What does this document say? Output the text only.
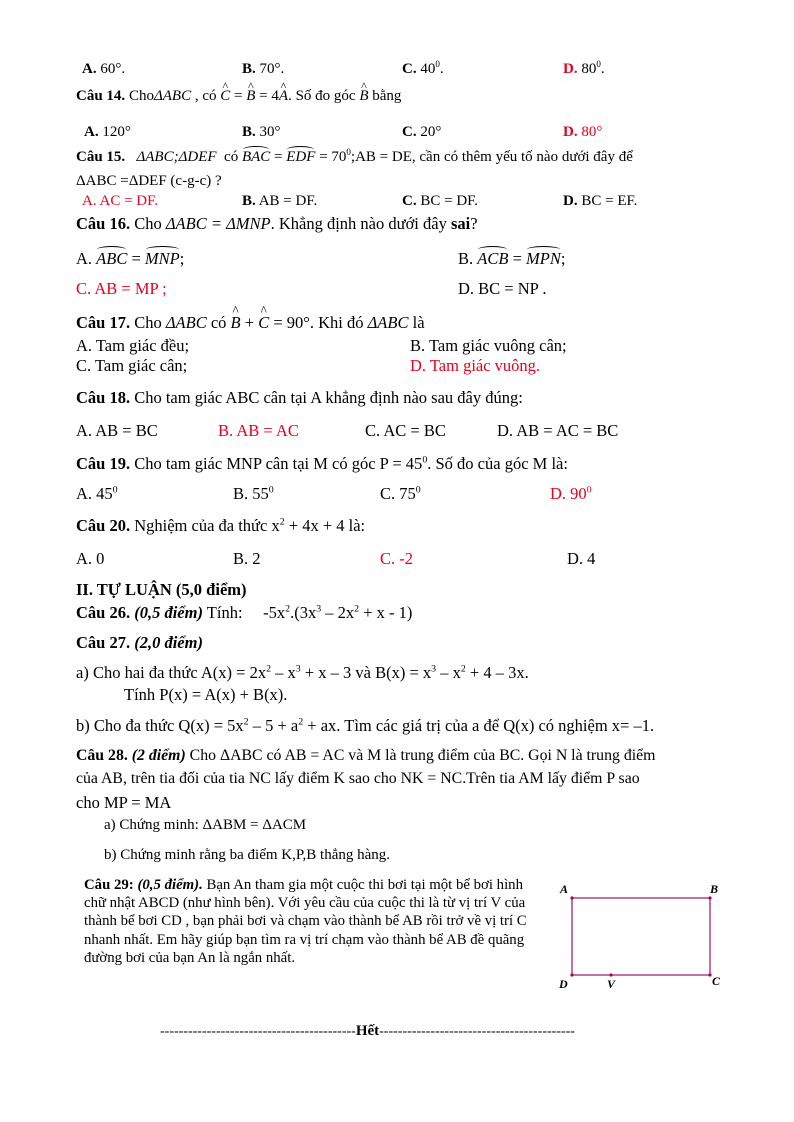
A. 60°.	B. 70°.	C. $40^0$.	D. $80^0$.
Câu 14. ChoΔABC , có ^ C = ^ B = 4^ A. Số đo góc ^ B bằng
A. 120°	B. 30°	C. 20°	D. 80°
Câu 15. ΔABC;ΔDEF có BAC = EDF = $70^0;AB$ = DE, cần có thêm yếu tố nào dưới đây để
ΔABC =ΔDEF (c-g-c) ?
A. AC = DF.	B. AB = DF.	C. BC = DF.	D. BC = EF.
Câu 16. Cho ΔABC = ΔMNP. Khẳng định nào dưới đây sai?
A. ABC = MNP;	B. ACB = MPN;
C. AB = MP ;	D. BC = NP .
Câu 17. Cho ΔABC có ^ B + ^ C = 90°. Khi đó ΔABC là
A. Tam giác đều;	B. Tam giác vuông cân;
C. Tam giác cân;	D. Tam giác vuông.
Câu 18. Cho tam giác ABC cân tại A khẳng định nào sau đây đúng:
A. AB = BC	B. AB = AC	C. AC = BC	D. AB = AC = BC
Câu 19. Cho tam giác MNP cân tại M có góc $P = 45^0$. Số đo của góc M là:
A. $45^0$	B. $55^0$	C. $75^0$	D. $90^0$
Câu 20. Nghiệm của đa thức $x^2 + 4x + 4$ là:
A. 0	B. 2	C. -2	D. 4
II. TỰ LUẬN (5,0 điểm)
Câu 26. (0,5 điểm) Tính: $-5x^2.(3x^3 - 2x^2 + x - 1)$
Câu 27. (2,0 điểm)
a) Cho hai đa thức $A(x) = 2x^2 - x^3 + x - 3$ và $B(x) = x^3 - x^2 + 4 - 3x$.
Tính P(x) = A(x) + B(x).
b) Cho đa thức $Q(x) = 5x^2 - 5 + a^2$ + ax. Tìm các giá trị của a để Q(x) có nghiệm x= –1.
Câu 28. (2 điểm) Cho ΔABC có AB = AC và M là trung điểm của BC. Gọi N là trung điểm
của AB, trên tia đối của tia NC lấy điểm K sao cho NK = NC.Trên tia AM lấy điểm P sao
cho MP = MA
a) Chứng minh: ΔABM = ΔACM
b) Chứng minh rằng ba điểm K,P,B thẳng hàng.
Câu 29: (0,5 điểm). Bạn An tham gia một cuộc thi bơi tại một bể bơi hình chữ nhật ABCD (như hình bên). Với yêu cầu của cuộc thi là từ vị trí V của thành bể bơi CD , bạn phải bơi và chạm vào thành bể AB rồi trở về vị trí C nhanh nhất. Em hãy giúp bạn tìm ra vị trí chạm vào thành bể AB đề quãng đường bơi của bạn An là ngắn nhất.
A	B
C
D	V
------------------------------------------Hết------------------------------------------
